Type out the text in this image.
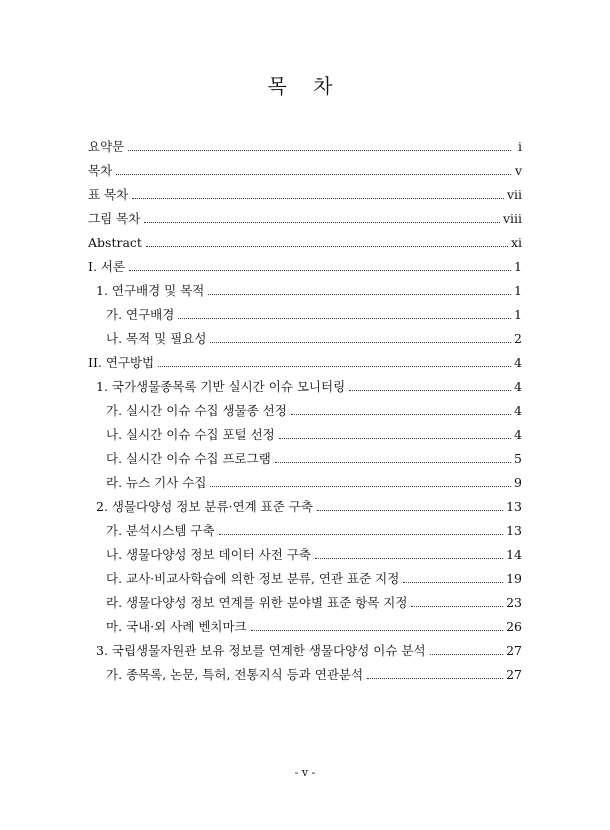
목 차
요약문	i
목차	v
표 목차	vii
그림 목차	viii
Abstract	xi
I. 서론	1
1. 연구배경 및 목적	1
가. 연구배경	1
나. 목적 및 필요성	2
II. 연구방법	4
1. 국가생물종목록 기반 실시간 이슈 모니터링	4
가. 실시간 이슈 수집 생물종 선정	4
나. 실시간 이슈 수집 포털 선정	4
다. 실시간 이슈 수집 프로그램	5
라. 뉴스 기사 수집	9
2. 생물다양성 정보 분류·연계 표준 구축	13
가. 분석시스템 구축	13
나. 생물다양성 정보 데이터 사전 구축	14
다. 교사·비교사학습에 의한 정보 분류, 연관 표준 지정	19
라. 생물다양성 정보 연계를 위한 분야별 표준 항목 지정	23
마. 국내·외 사례 벤치마크	26
3. 국립생물자원관 보유 정보를 연계한 생물다양성 이슈 분석	27
가. 종목록, 논문, 특허, 전통지식 등과 연관분석	27
- v -
